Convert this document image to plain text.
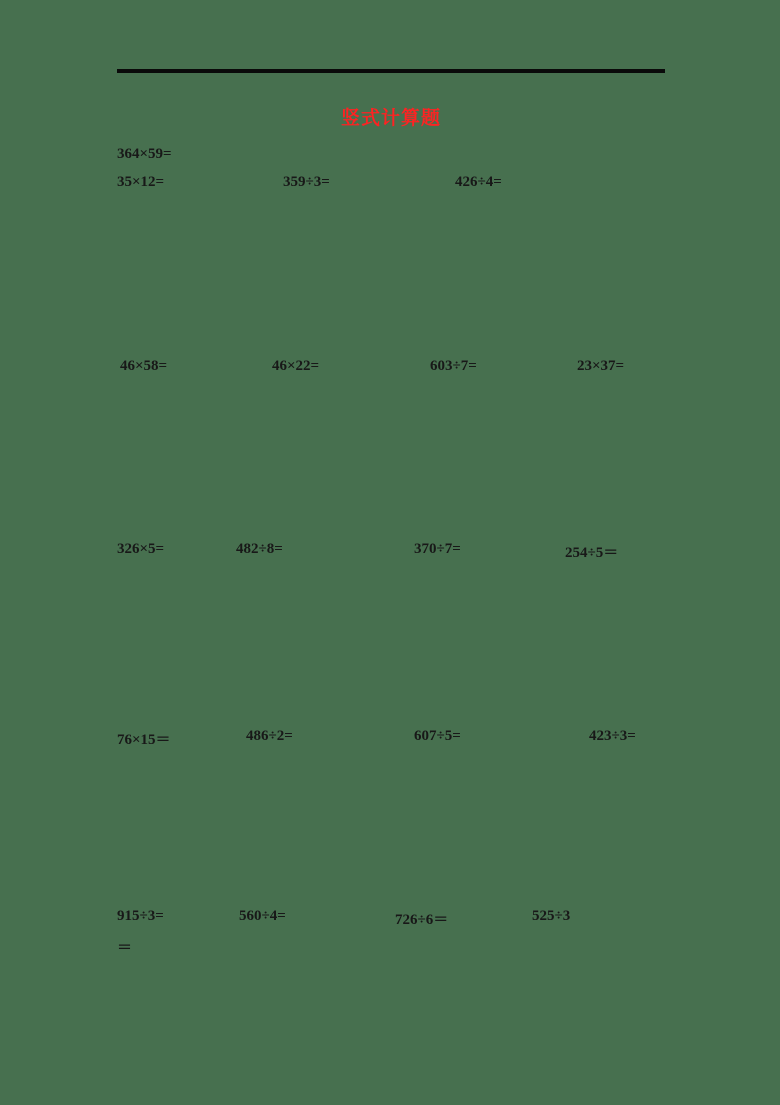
竖式计算题
364×59=
35×12=	359÷3=	426÷4=
46×58=	46×22=	603÷7=	23×37=
326×5=	482÷8=	370÷7=	254÷5＝
76×15＝	486÷2=	607÷5=	423÷3=
915÷3=	560÷4=	726÷6＝	525÷3
＝
